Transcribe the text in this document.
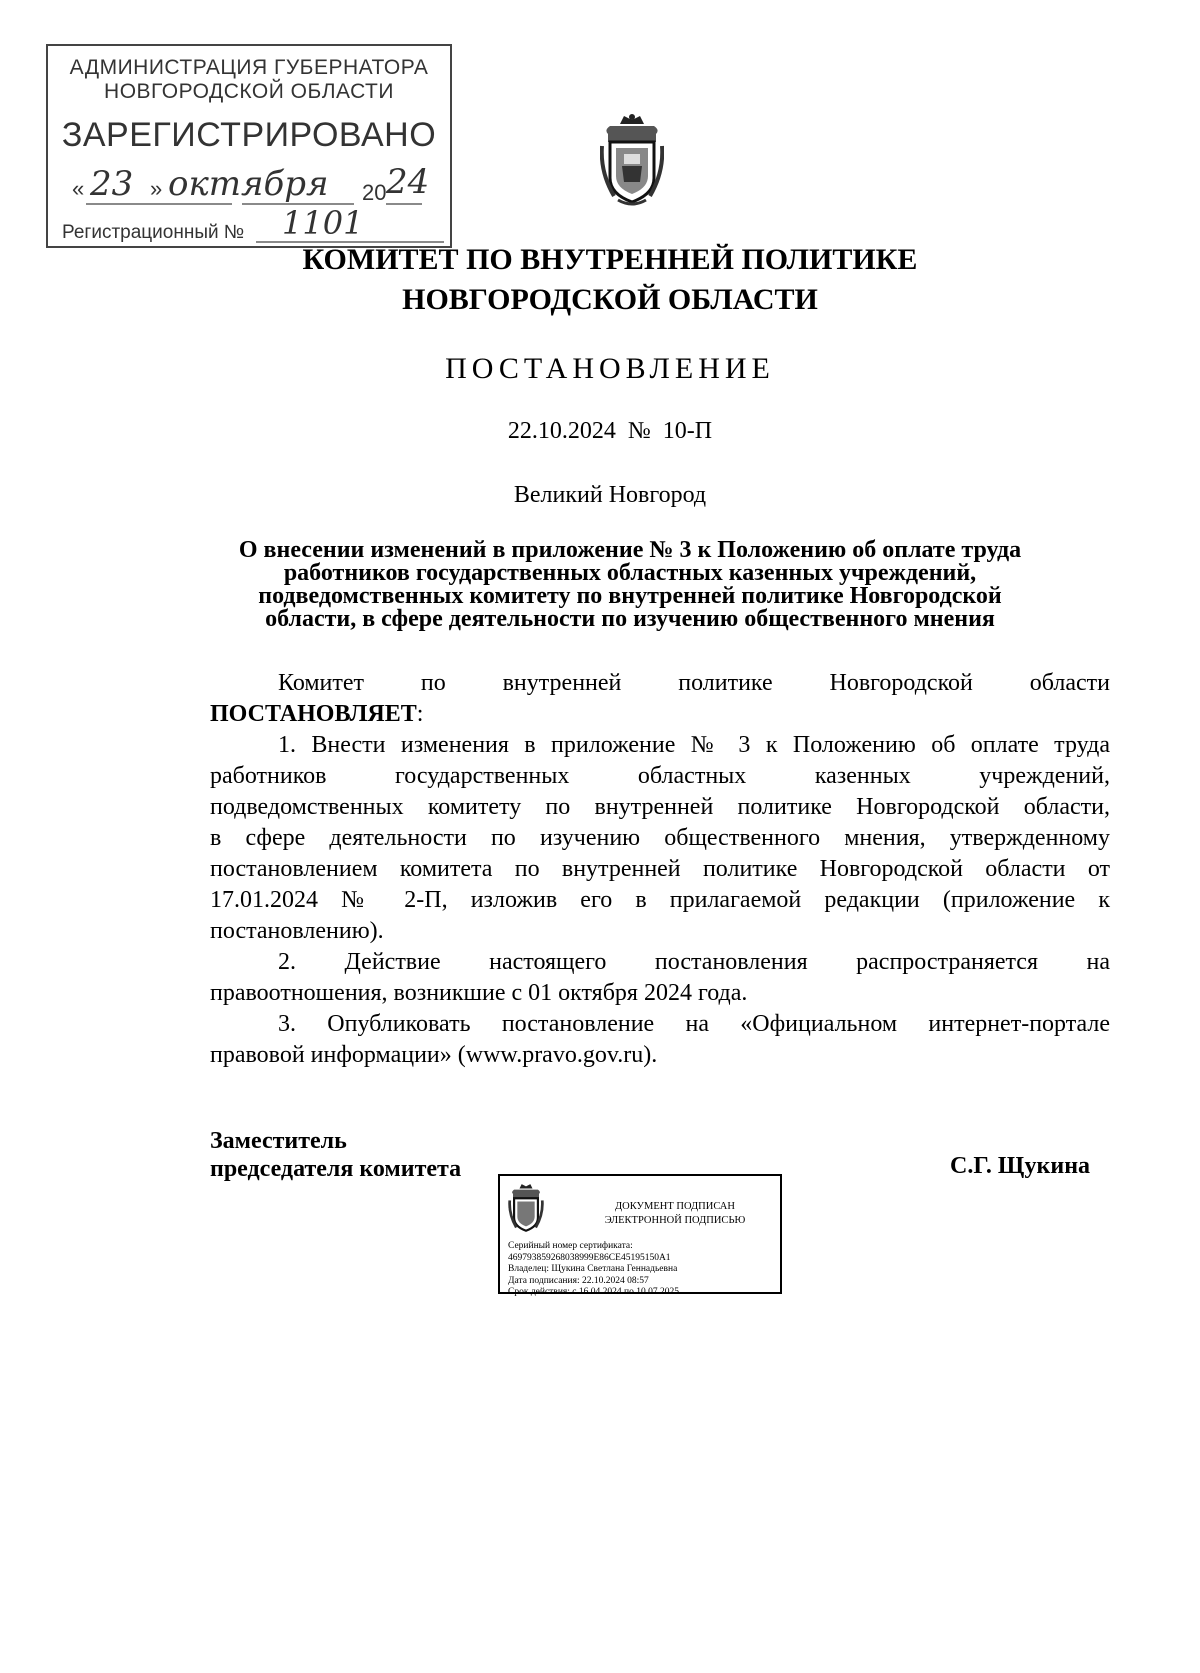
АДМИНИСТРАЦИЯ ГУБЕРНАТОРА
НОВГОРОДСКОЙ ОБЛАСТИ
ЗАРЕГИСТРИРОВАНО
« 23 » октября 20 24
Регистрационный № 1101
КОМИТЕТ ПО ВНУТРЕННЕЙ ПОЛИТИКЕ
НОВГОРОДСКОЙ ОБЛАСТИ
ПОСТАНОВЛЕНИЕ
22.10.2024 № 10-П
Великий Новгород
О внесении изменений в приложение № 3 к Положению об оплате труда
работников государственных областных казенных учреждений,
подведомственных комитету по внутренней политике Новгородской
области, в сфере деятельности по изучению общественного мнения
Комитет по внутренней политике Новгородской области
ПОСТАНОВЛЯЕТ:

1. Внести изменения в приложение № 3 к Положению об оплате труда

работников государственных областных казенных учреждений,

подведомственных комитету по внутренней политике Новгородской области,

в сфере деятельности по изучению общественного мнения, утвержденному

постановлением комитета по внутренней политике Новгородской области от

17.01.2024 № 2-П, изложив его в прилагаемой редакции (приложение к

постановлению).

2. Действие настоящего постановления распространяется на

правоотношения, возникшие с 01 октября 2024 года.

3. Опубликовать постановление на «Официальном интернет-портале

правовой информации» (www.pravo.gov.ru).

Заместитель
председателя комитета	С.Г. Щукина
ДОКУМЕНТ ПОДПИСАН
ЭЛЕКТРОННОЙ ПОДПИСЬЮ
Серийный номер сертификата:
469793859268038999E86CE45195150A1
Владелец: Щукина Светлана Геннадьевна
Дата подписания: 22.10.2024 08:57
Срок действия: с 16.04.2024 по 10.07.2025
